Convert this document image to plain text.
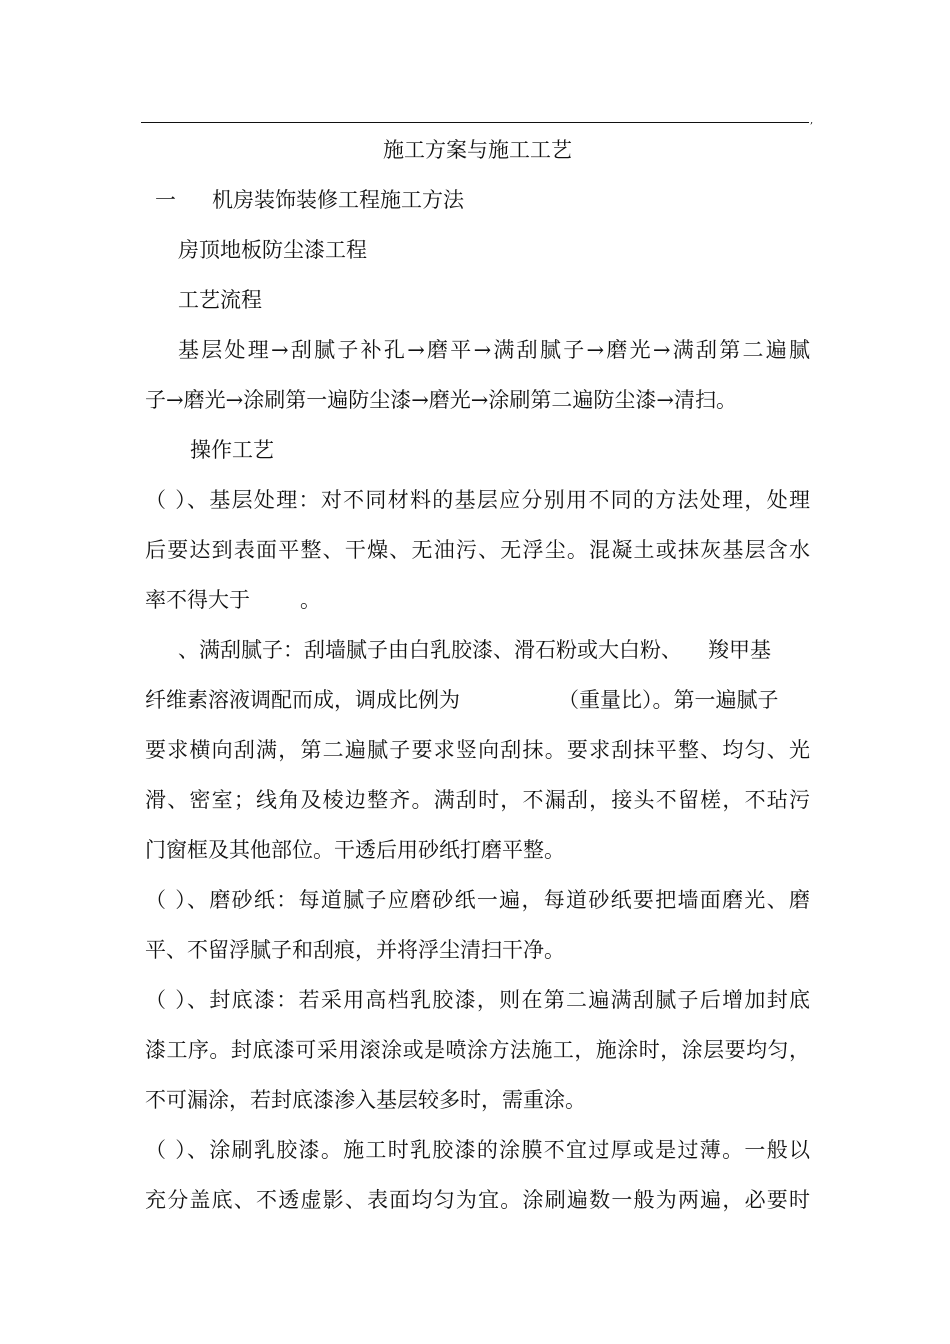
,
施工方案与施工工艺
一 机房装饰装修工程施工方法
房顶地板防尘漆工程
工艺流程
基层处理→刮腻子补孔→磨平→满刮腻子→磨光→满刮第二遍腻
子→磨光→涂刷第一遍防尘漆→磨光→涂刷第二遍防尘漆→清扫。
操作工艺
（ ）、基层处理：对不同材料的基层应分别用不同的方法处理，处理
后要达到表面平整、干燥、无油污、无浮尘。混凝土或抹灰基层含水
率不得大于 。
、满刮腻子：刮墙腻子由白乳胶漆、滑石粉或大白粉、 羧甲基
纤维素溶液调配而成，调成比例为	（重量比）。第一遍腻子
要求横向刮满，第二遍腻子要求竖向刮抹。要求刮抹平整、均匀、光
滑、密室；线角及棱边整齐。满刮时，不漏刮，接头不留槎，不玷污
门窗框及其他部位。干透后用砂纸打磨平整。
（ ）、磨砂纸：每道腻子应磨砂纸一遍，每道砂纸要把墙面磨光、磨
平、不留浮腻子和刮痕，并将浮尘清扫干净。
（ ）、封底漆：若采用高档乳胶漆，则在第二遍满刮腻子后增加封底
漆工序。封底漆可采用滚涂或是喷涂方法施工，施涂时，涂层要均匀，
不可漏涂，若封底漆渗入基层较多时，需重涂。
（ ）、涂刷乳胶漆。施工时乳胶漆的涂膜不宜过厚或是过薄。一般以
充分盖底、不透虚影、表面均匀为宜。涂刷遍数一般为两遍，必要时
